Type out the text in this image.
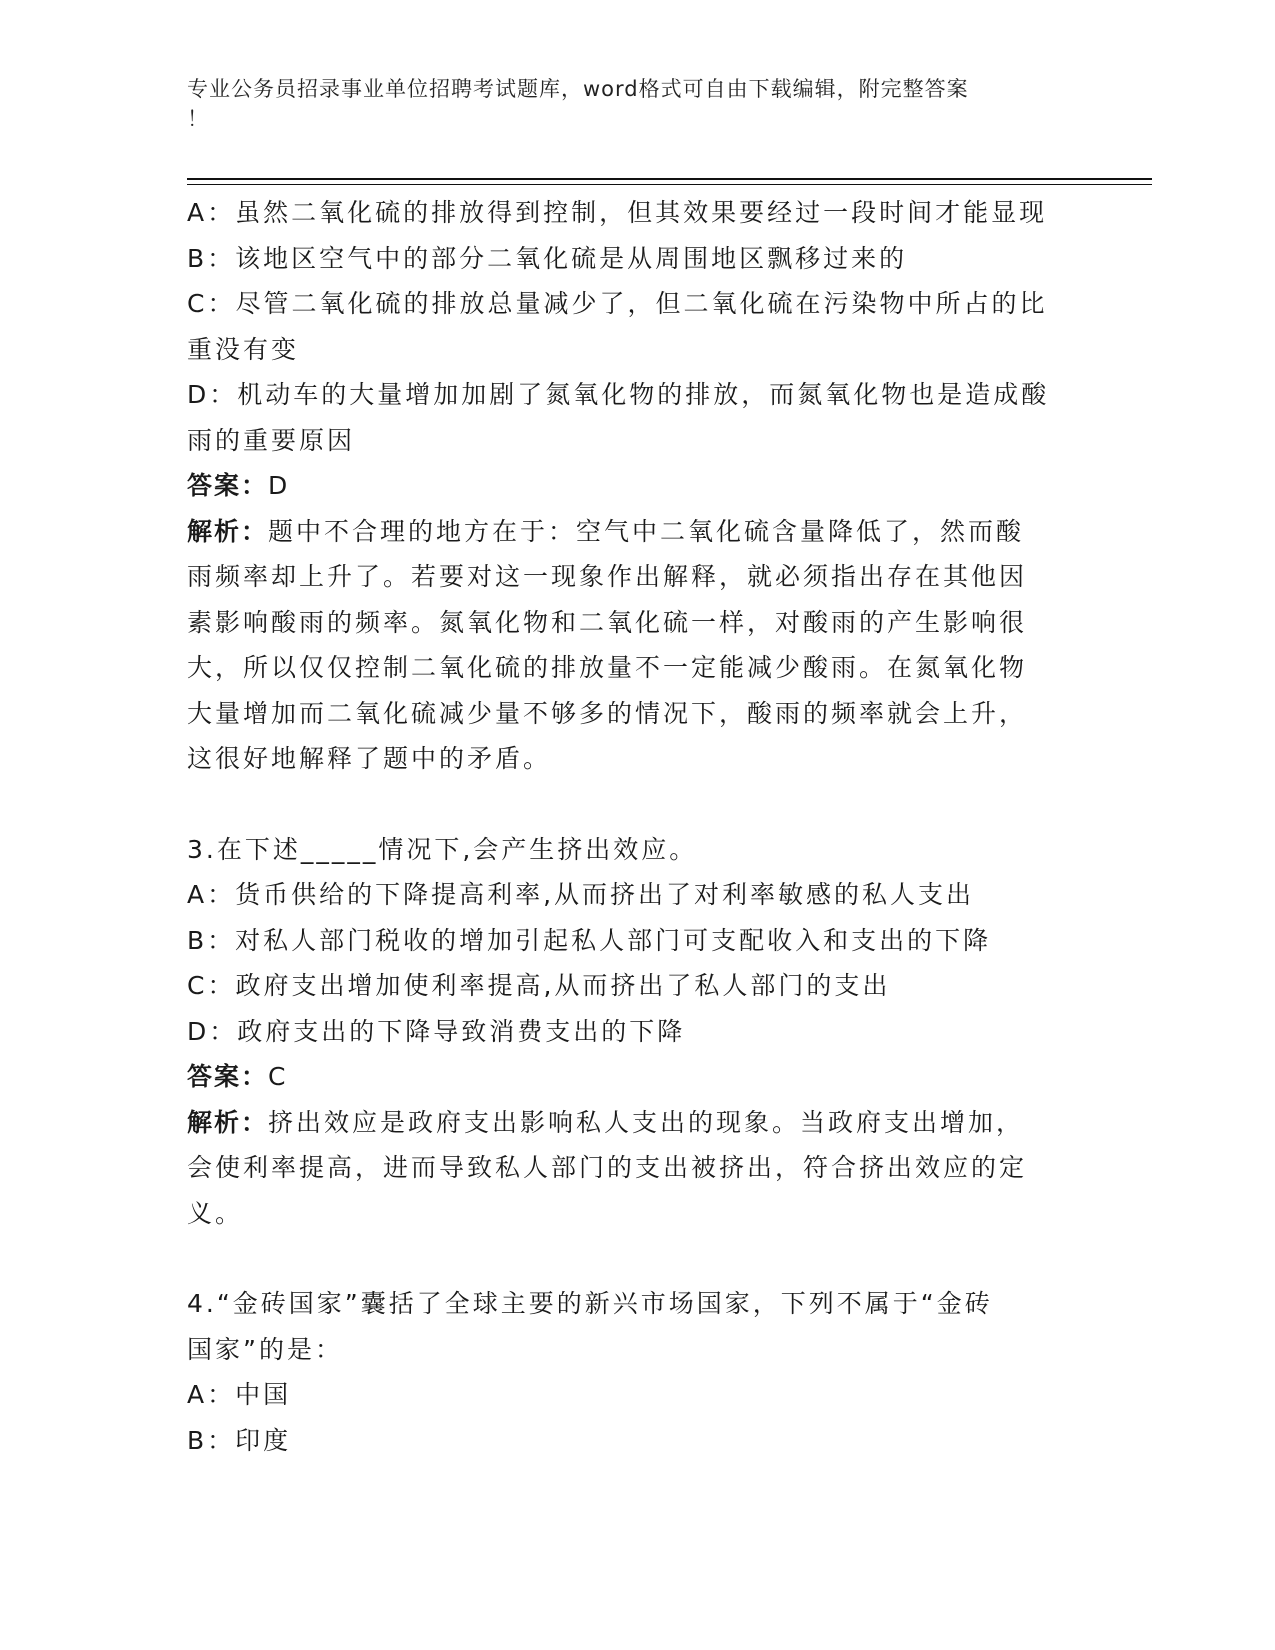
专业公务员招录事业单位招聘考试题库，word格式可自由下载编辑，附完整答案
！

A：虽然二氧化硫的排放得到控制，但其效果要经过一段时间才能显现

B：该地区空气中的部分二氧化硫是从周围地区飘移过来的

C：尽管二氧化硫的排放总量减少了，但二氧化硫在污染物中所占的比

重没有变

D：机动车的大量增加加剧了氮氧化物的排放，而氮氧化物也是造成酸

雨的重要原因

答案：D

解析：题中不合理的地方在于：空气中二氧化硫含量降低了，然而酸

雨频率却上升了。若要对这一现象作出解释，就必须指出存在其他因

素影响酸雨的频率。氮氧化物和二氧化硫一样，对酸雨的产生影响很

大，所以仅仅控制二氧化硫的排放量不一定能减少酸雨。在氮氧化物

大量增加而二氧化硫减少量不够多的情况下，酸雨的频率就会上升，

这很好地解释了题中的矛盾。

3.在下述_____情况下,会产生挤出效应。

A：货币供给的下降提高利率,从而挤出了对利率敏感的私人支出

B：对私人部门税收的增加引起私人部门可支配收入和支出的下降

C：政府支出增加使利率提高,从而挤出了私人部门的支出

D：政府支出的下降导致消费支出的下降

答案：C

解析：挤出效应是政府支出影响私人支出的现象。当政府支出增加，

会使利率提高，进而导致私人部门的支出被挤出，符合挤出效应的定

义。

4.“金砖国家”囊括了全球主要的新兴市场国家，下列不属于“金砖

国家”的是：

A：中国

B：印度
